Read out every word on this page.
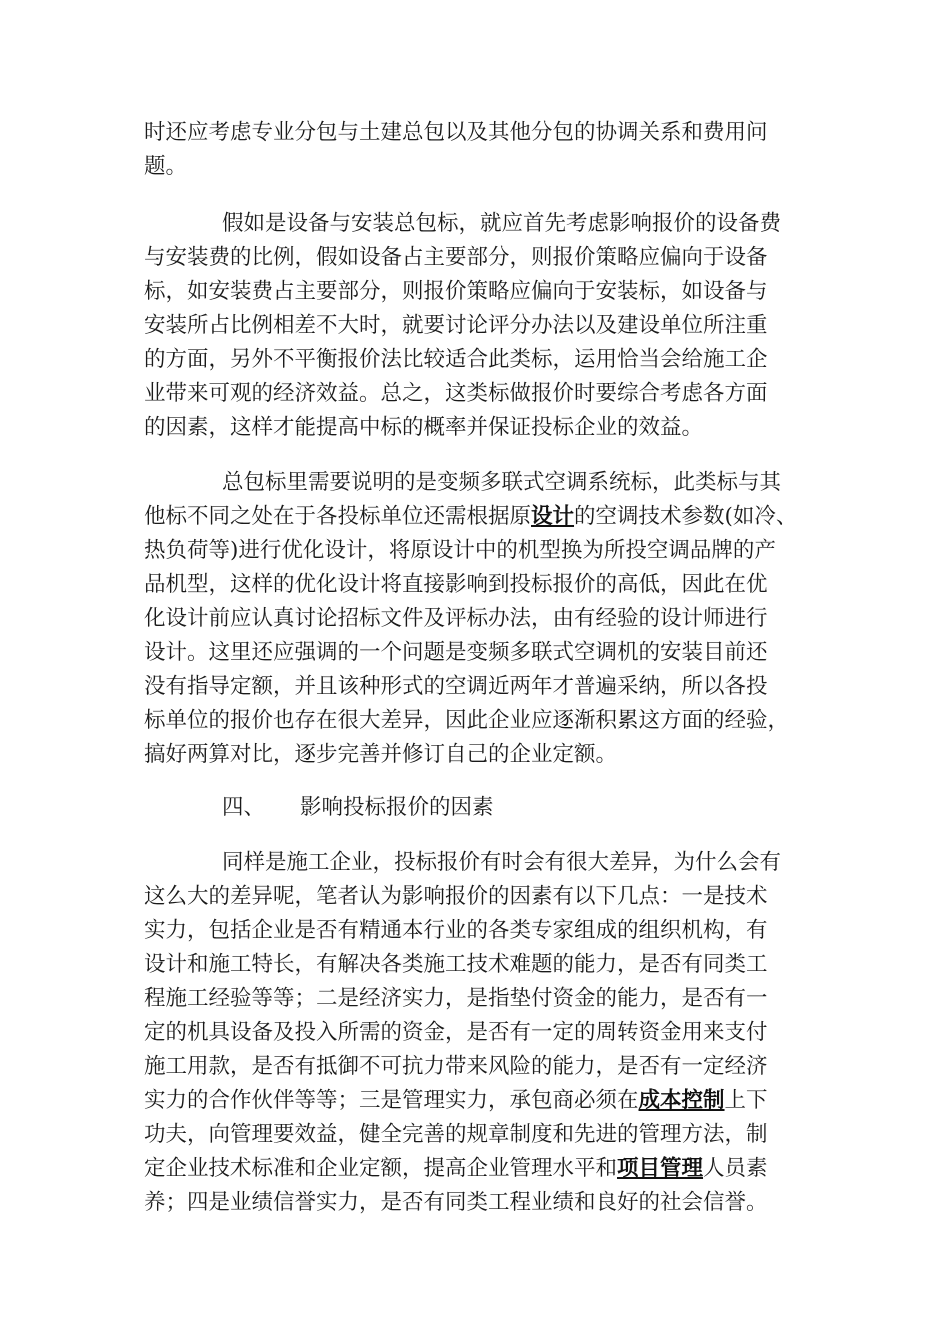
时还应考虑专业分包与土建总包以及其他分包的协调关系和费用问
题。
假如是设备与安装总包标，就应首先考虑影响报价的设备费
与安装费的比例，假如设备占主要部分，则报价策略应偏向于设备
标，如安装费占主要部分，则报价策略应偏向于安装标，如设备与
安装所占比例相差不大时，就要讨论评分办法以及建设单位所注重
的方面，另外不平衡报价法比较适合此类标，运用恰当会给施工企
业带来可观的经济效益。总之，这类标做报价时要综合考虑各方面
的因素，这样才能提高中标的概率并保证投标企业的效益。
总包标里需要说明的是变频多联式空调系统标，此类标与其
他标不同之处在于各投标单位还需根据原设计的空调技术参数(如冷、
热负荷等)进行优化设计，将原设计中的机型换为所投空调品牌的产
品机型，这样的优化设计将直接影响到投标报价的高低，因此在优
化设计前应认真讨论招标文件及评标办法，由有经验的设计师进行
设计。这里还应强调的一个问题是变频多联式空调机的安装目前还
没有指导定额，并且该种形式的空调近两年才普遍采纳，所以各投
标单位的报价也存在很大差异，因此企业应逐渐积累这方面的经验，
搞好两算对比，逐步完善并修订自己的企业定额。
四、 影响投标报价的因素
同样是施工企业，投标报价有时会有很大差异，为什么会有
这么大的差异呢，笔者认为影响报价的因素有以下几点：一是技术
实力，包括企业是否有精通本行业的各类专家组成的组织机构，有
设计和施工特长，有解决各类施工技术难题的能力，是否有同类工
程施工经验等等；二是经济实力，是指垫付资金的能力，是否有一
定的机具设备及投入所需的资金，是否有一定的周转资金用来支付
施工用款，是否有抵御不可抗力带来风险的能力，是否有一定经济
实力的合作伙伴等等；三是管理实力，承包商必须在成本控制上下
功夫，向管理要效益，健全完善的规章制度和先进的管理方法，制
定企业技术标准和企业定额，提高企业管理水平和项目管理人员素
养；四是业绩信誉实力，是否有同类工程业绩和良好的社会信誉。
